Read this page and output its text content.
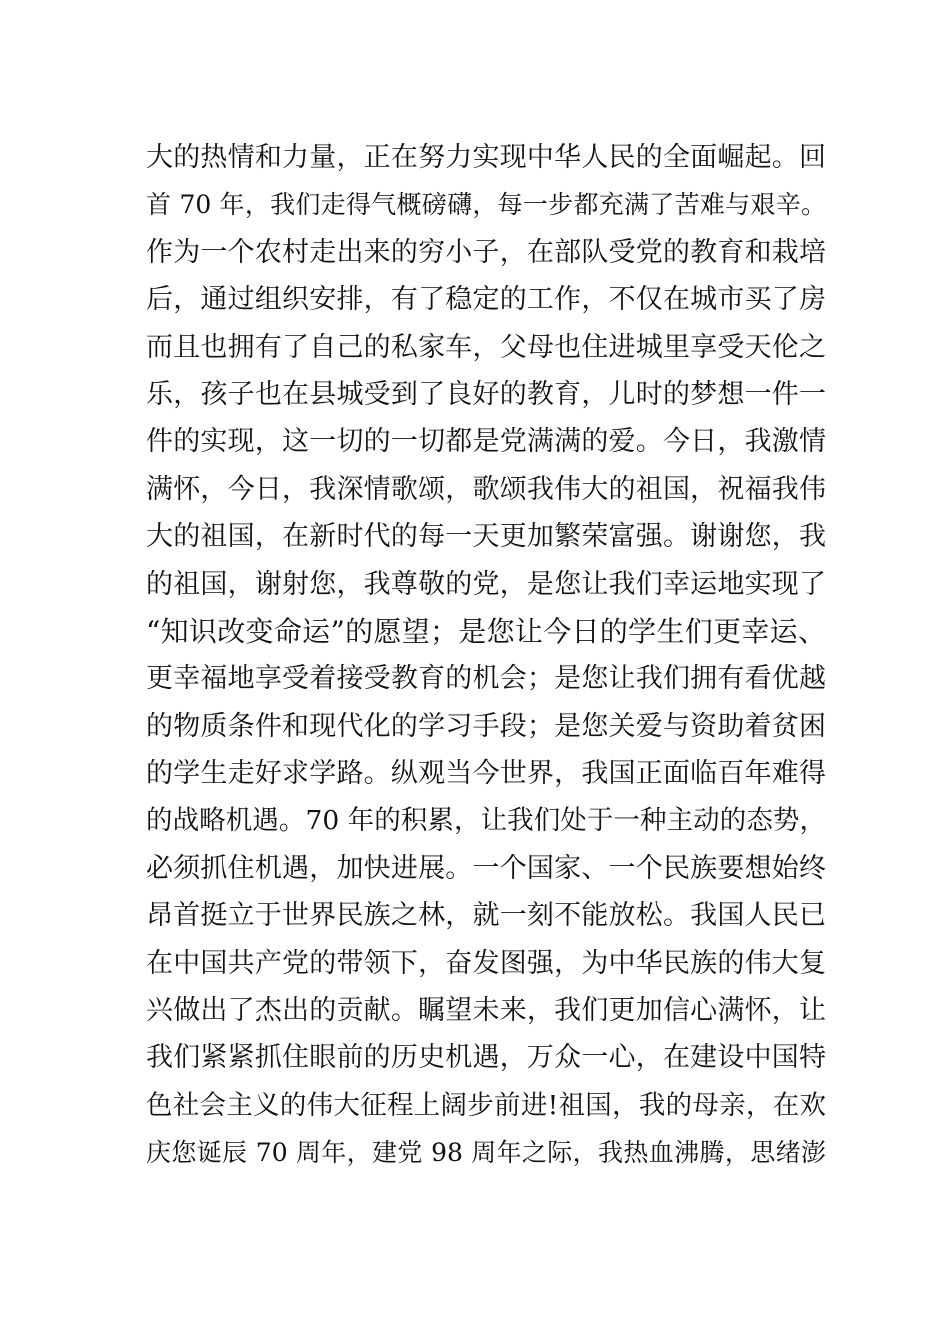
大的热情和力量，正在努力实现中华人民的全面崛起。回
首 70 年，我们走得气概磅礴，每一步都充满了苦难与艰辛。
作为一个农村走出来的穷小子，在部队受党的教育和栽培
后，通过组织安排，有了稳定的工作，不仅在城市买了房
而且也拥有了自己的私家车，父母也住进城里享受天伦之
乐，孩子也在县城受到了良好的教育，儿时的梦想一件一
件的实现，这一切的一切都是党满满的爱。今日，我激情
满怀，今日，我深情歌颂，歌颂我伟大的祖国，祝福我伟
大的祖国，在新时代的每一天更加繁荣富强。谢谢您，我
的祖国，谢射您，我尊敬的党，是您让我们幸运地实现了
“知识改变命运”的愿望；是您让今日的学生们更幸运、
更幸福地享受着接受教育的机会；是您让我们拥有看优越
的物质条件和现代化的学习手段；是您关爱与资助着贫困
的学生走好求学路。纵观当今世界，我国正面临百年难得
的战略机遇。70 年的积累，让我们处于一种主动的态势，
必须抓住机遇，加快进展。一个国家、一个民族要想始终
昂首挺立于世界民族之林，就一刻不能放松。我国人民已
在中国共产党的带领下，奋发图强，为中华民族的伟大复
兴做出了杰出的贡献。瞩望未来，我们更加信心满怀，让
我们紧紧抓住眼前的历史机遇，万众一心，在建设中国特
色社会主义的伟大征程上阔步前进!祖国，我的母亲，在欢
庆您诞辰 70 周年，建党 98 周年之际，我热血沸腾，思绪澎
